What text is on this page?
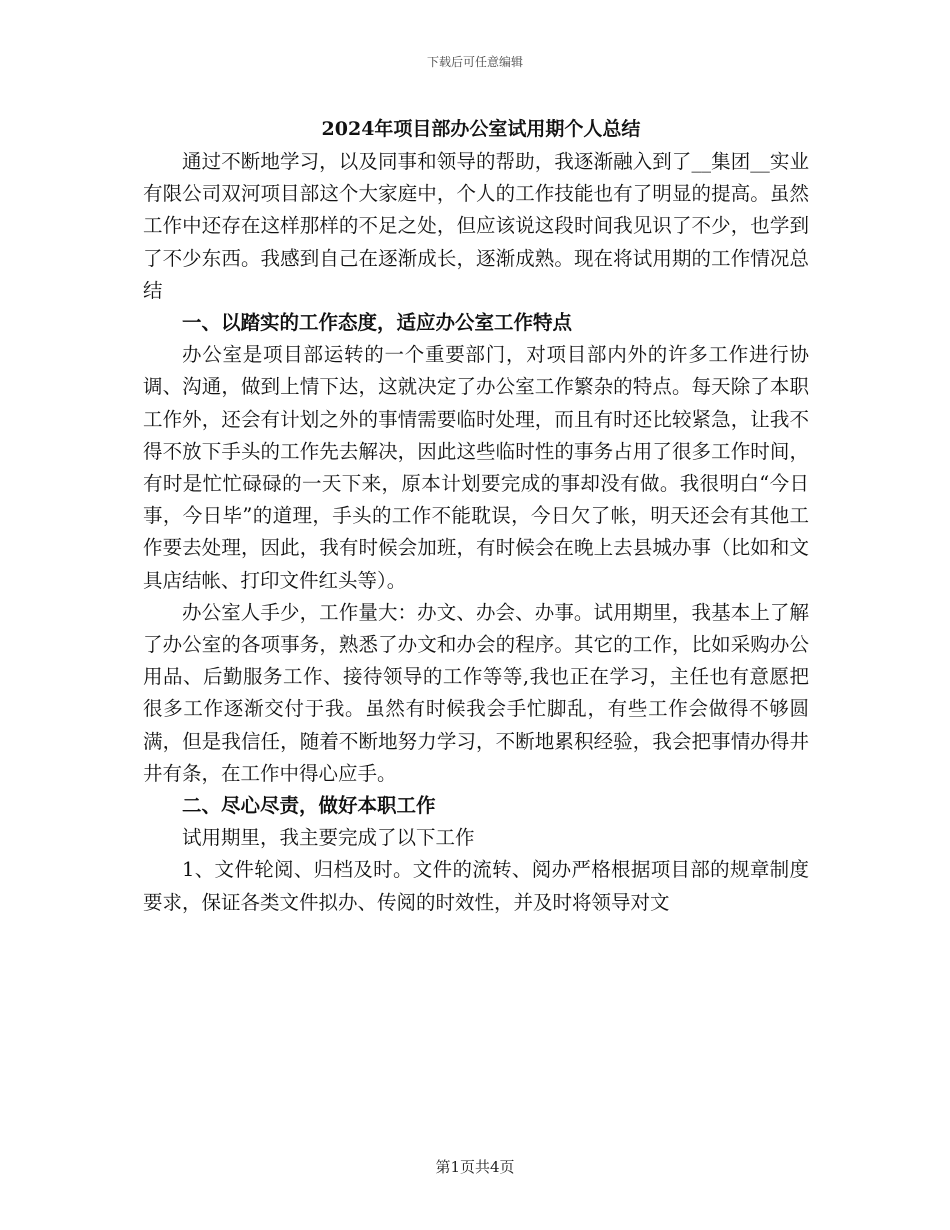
下载后可任意编辑
2024年项目部办公室试用期个人总结

通过不断地学习，以及同事和领导的帮助，我逐渐融入到了__集团__实业有限公司双河项目部这个大家庭中，个人的工作技能也有了明显的提高。虽然工作中还存在这样那样的不足之处，但应该说这段时间我见识了不少，也学到了不少东西。我感到自己在逐渐成长，逐渐成熟。现在将试用期的工作情况总结

一、以踏实的工作态度，适应办公室工作特点

办公室是项目部运转的一个重要部门，对项目部内外的许多工作进行协调、沟通，做到上情下达，这就决定了办公室工作繁杂的特点。每天除了本职工作外，还会有计划之外的事情需要临时处理，而且有时还比较紧急，让我不得不放下手头的工作先去解决，因此这些临时性的事务占用了很多工作时间，有时是忙忙碌碌的一天下来，原本计划要完成的事却没有做。我很明白“今日事，今日毕”的道理，手头的工作不能耽误，今日欠了帐，明天还会有其他工作要去处理，因此，我有时候会加班，有时候会在晚上去县城办事（比如和文具店结帐、打印文件红头等）。

办公室人手少，工作量大：办文、办会、办事。试用期里，我基本上了解了办公室的各项事务，熟悉了办文和办会的程序。其它的工作，比如采购办公用品、后勤服务工作、接待领导的工作等等,我也正在学习，主任也有意愿把很多工作逐渐交付于我。虽然有时候我会手忙脚乱，有些工作会做得不够圆满，但是我信任，随着不断地努力学习，不断地累积经验，我会把事情办得井井有条，在工作中得心应手。

二、尽心尽责，做好本职工作

试用期里，我主要完成了以下工作

1、文件轮阅、归档及时。文件的流转、阅办严格根据项目部的规章制度要求，保证各类文件拟办、传阅的时效性，并及时将领导对文

第1页共4页
